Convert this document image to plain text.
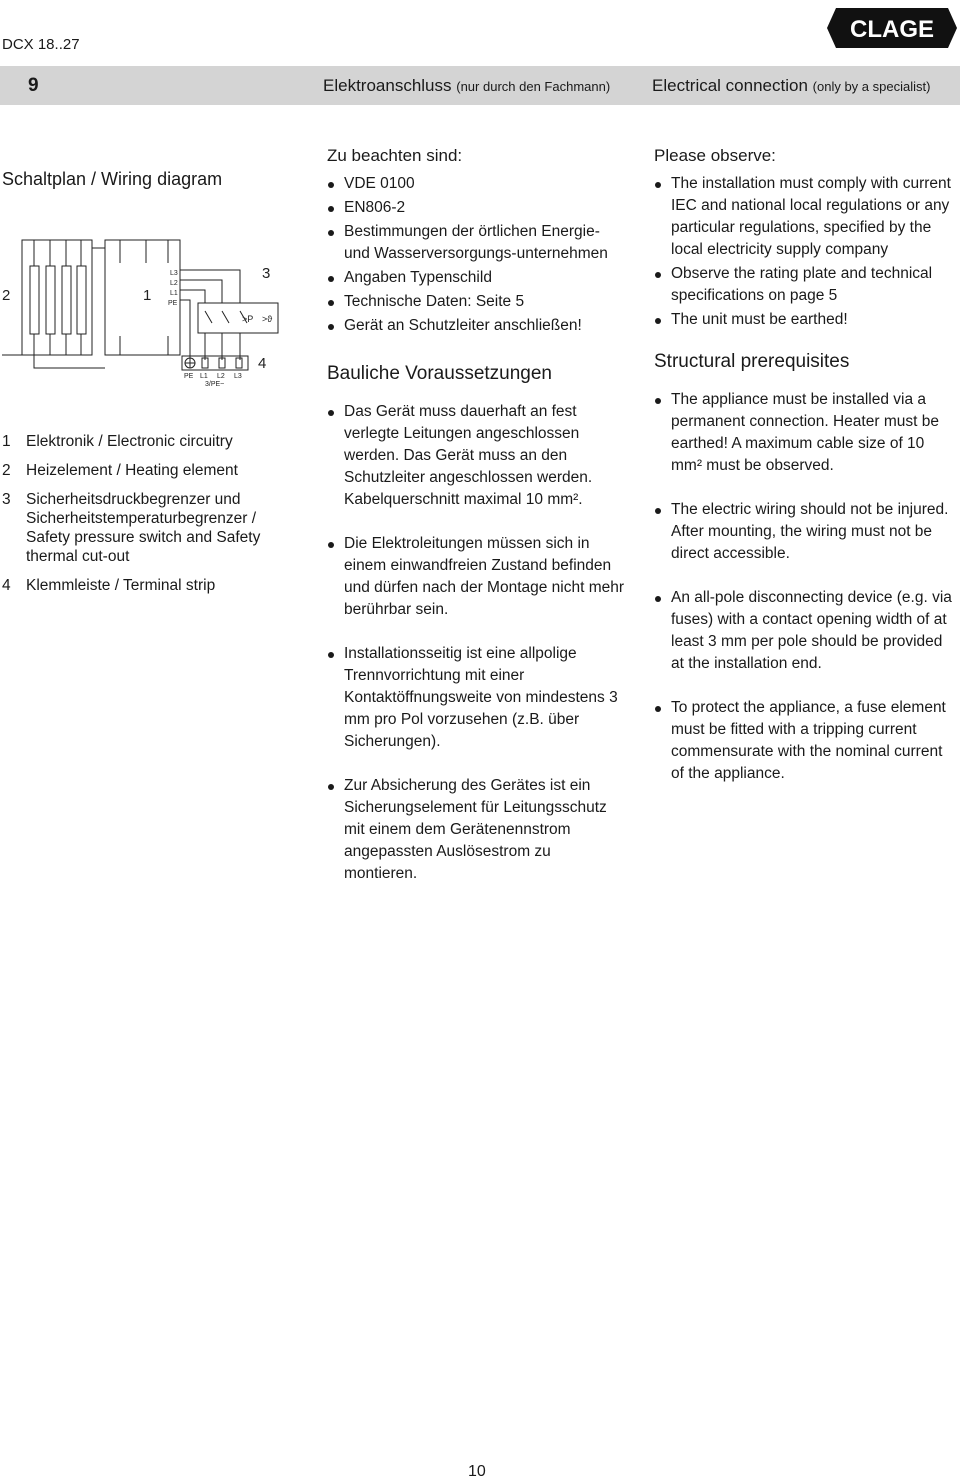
DCX 18..27
CLAGE
9	Elektroanschluss (nur durch den Fachmann) Electrical connection (only by a specialist)
Schaltplan / Wiring diagram
2	1
3
4
L3
L2
L1
PE
>P >ϑ
PE L1 L2 L3
3/PE~
1 Elektronik / Electronic circuitry
2 Heizelement / Heating element
3 Sicherheitsdruckbegrenzer und Sicherheitstemperaturbegrenzer / Safety pressure switch and Safety thermal cut-out
4 Klemmleiste / Terminal strip
Zu beachten sind:
VDE 0100
EN806-2
Bestimmungen der örtlichen Energie- und Wasserversorgungs-unternehmen
Angaben Typenschild
Technische Daten: Seite 5
Gerät an Schutzleiter anschließen!
Bauliche Voraussetzungen
Das Gerät muss dauerhaft an fest verlegte Leitungen angeschlossen werden. Das Gerät muss an den Schutzleiter angeschlossen werden. Kabelquerschnitt maximal 10 mm².
Die Elektroleitungen müssen sich in einem einwandfreien Zustand befinden und dürfen nach der Montage nicht mehr berührbar sein.
Installationsseitig ist eine allpolige Trennvorrichtung mit einer Kontaktöffnungsweite von mindestens 3 mm pro Pol vorzusehen (z.B. über Sicherungen).
Zur Absicherung des Gerätes ist ein Sicherungselement für Leitungsschutz mit einem dem Gerätenennstrom angepassten Auslösestrom zu montieren.
Please observe:
The installation must comply with current IEC and national local regulations or any particular regulations, specified by the local electricity supply company
Observe the rating plate and technical specifications on page 5
The unit must be earthed!
Structural prerequisites
The appliance must be installed via a permanent connection. Heater must be earthed! A maximum cable size of 10 mm² must be observed.
The electric wiring should not be injured. After mounting, the wiring must not be direct accessible.
An all-pole disconnecting device (e.g. via fuses) with a contact opening width of at least 3 mm per pole should be provided at the installation end.
To protect the appliance, a fuse element must be fitted with a tripping current commensurate with the nominal current of the appliance.
10
